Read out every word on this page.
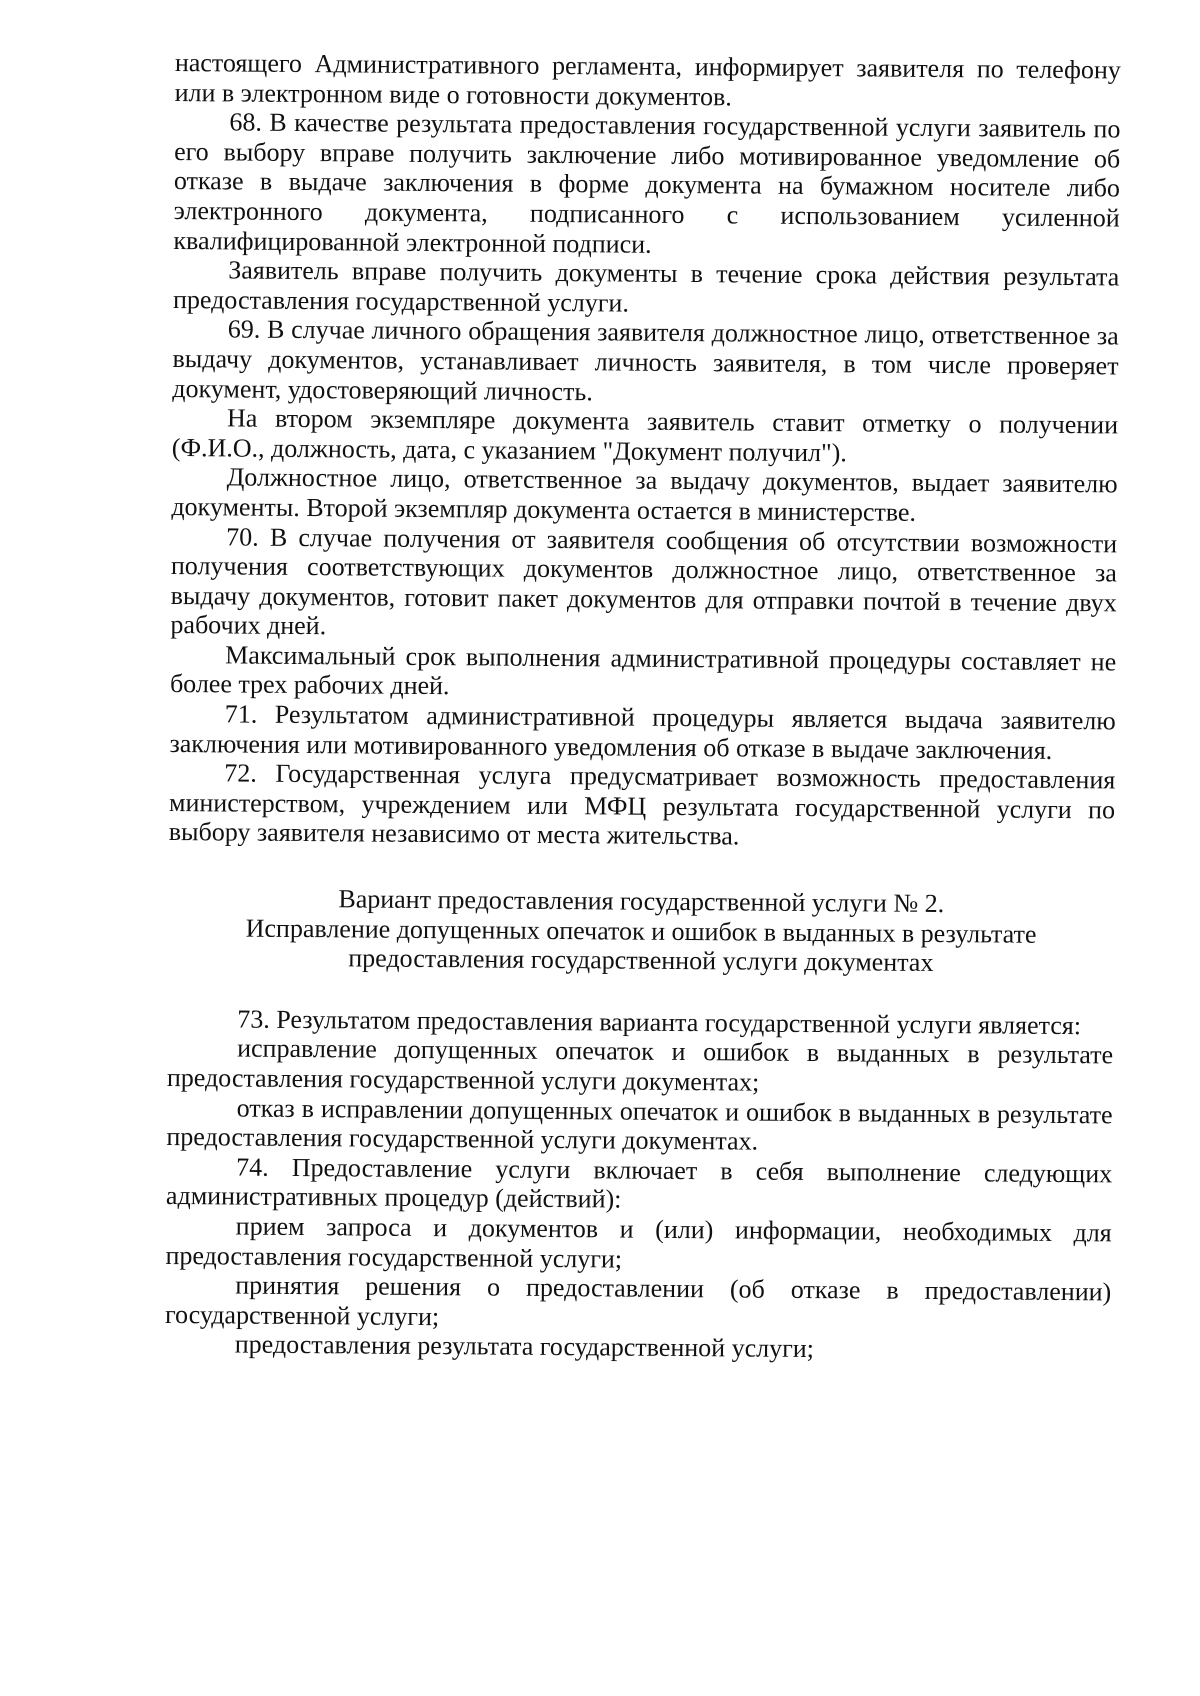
настоящего Административного регламента, информирует заявителя по телефону или в электронном виде о готовности документов.

68. В качестве результата предоставления государственной услуги заявитель по его выбору вправе получить заключение либо мотивированное уведомление об отказе в выдаче заключения в форме документа на бумажном носителе либо электронного документа, подписанного с использованием усиленной квалифицированной электронной подписи.

Заявитель вправе получить документы в течение срока действия результата предоставления государственной услуги.

69. В случае личного обращения заявителя должностное лицо, ответственное за выдачу документов, устанавливает личность заявителя, в том числе проверяет документ, удостоверяющий личность.

На втором экземпляре документа заявитель ставит отметку о получении (Ф.И.О., должность, дата, с указанием "Документ получил").

Должностное лицо, ответственное за выдачу документов, выдает заявителю документы. Второй экземпляр документа остается в министерстве.

70. В случае получения от заявителя сообщения об отсутствии возможности получения соответствующих документов должностное лицо, ответственное за выдачу документов, готовит пакет документов для отправки почтой в течение двух рабочих дней.

Максимальный срок выполнения административной процедуры составляет не более трех рабочих дней.

71. Результатом административной процедуры является выдача заявителю заключения или мотивированного уведомления об отказе в выдаче заключения.

72. Государственная услуга предусматривает возможность предоставления министерством, учреждением или МФЦ результата государственной услуги по выбору заявителя независимо от места жительства.

Вариант предоставления государственной услуги № 2.
Исправление допущенных опечаток и ошибок в выданных в результате
предоставления государственной услуги документах

73. Результатом предоставления варианта государственной услуги является:

исправление допущенных опечаток и ошибок в выданных в результате предоставления государственной услуги документах;

отказ в исправлении допущенных опечаток и ошибок в выданных в результате предоставления государственной услуги документах.

74. Предоставление услуги включает в себя выполнение следующих административных процедур (действий):

прием запроса и документов и (или) информации, необходимых для предоставления государственной услуги;

принятия решения о предоставлении (об отказе в предоставлении) государственной услуги;

предоставления результата государственной услуги;
